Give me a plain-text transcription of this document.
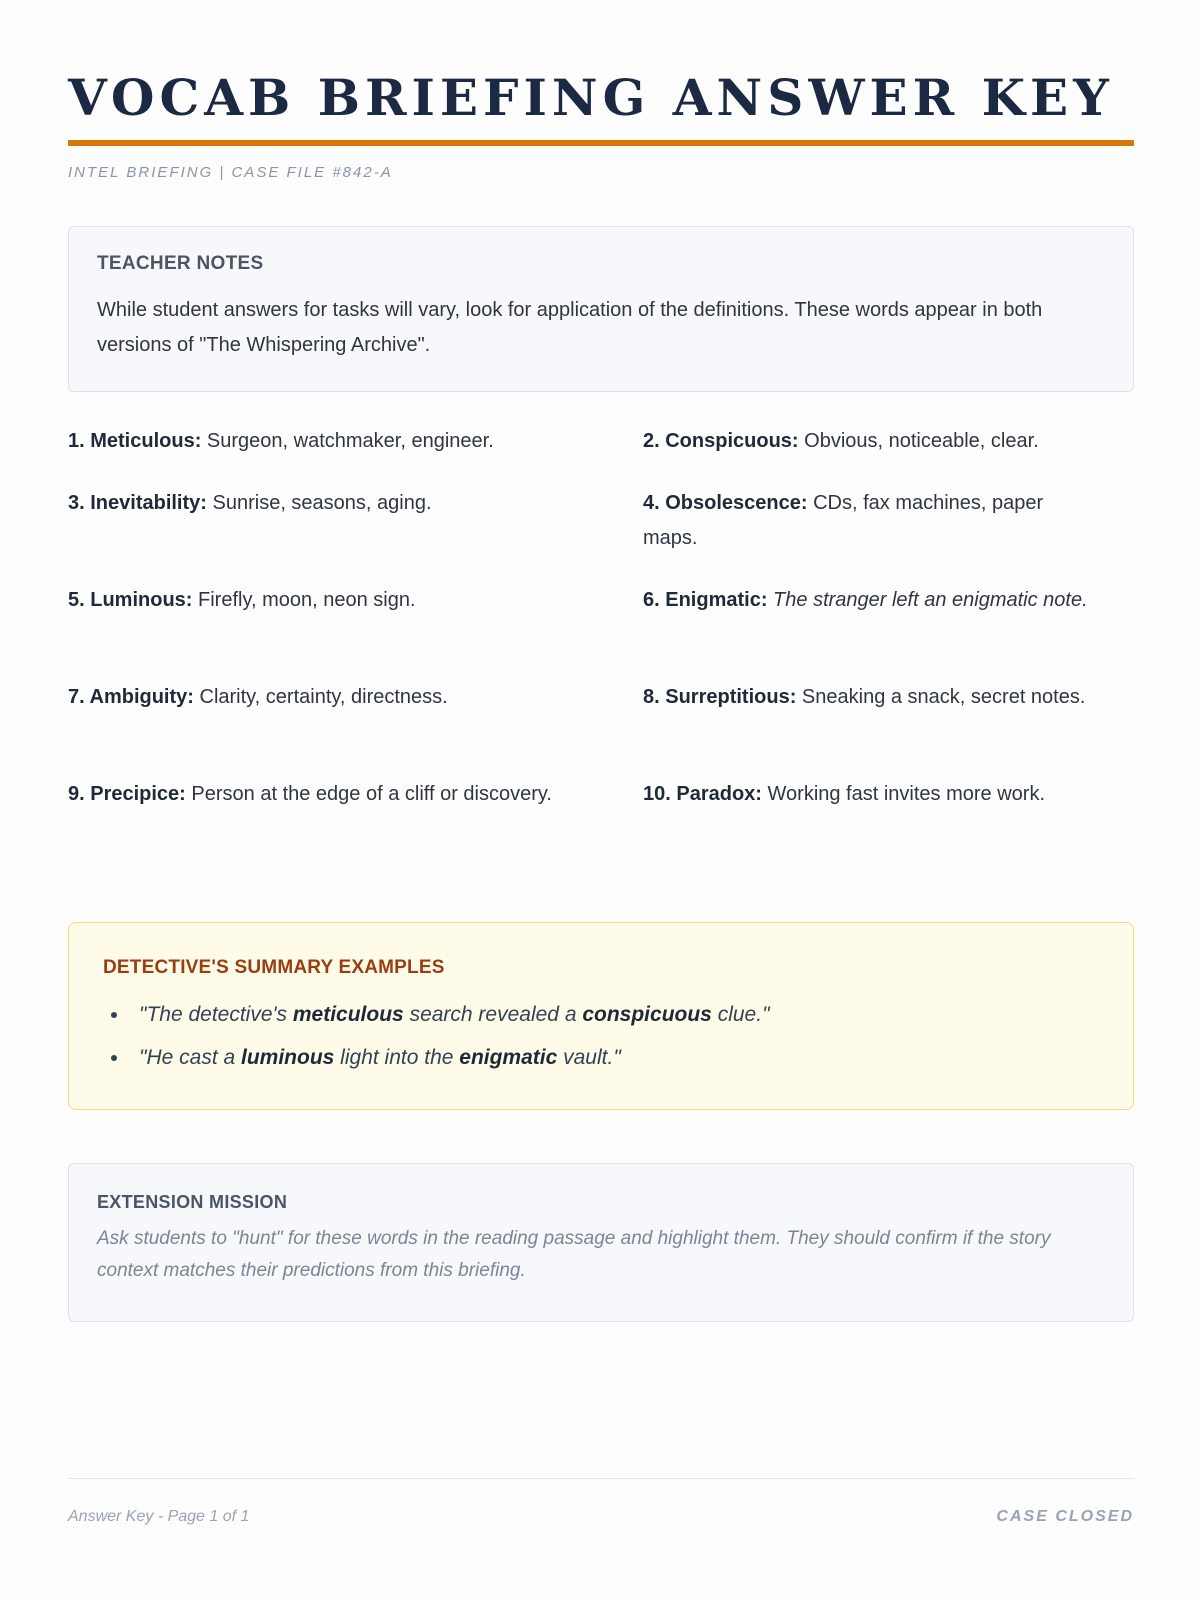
VOCAB BRIEFING ANSWER KEY
INTEL BRIEFING | CASE FILE #842-A
TEACHER NOTES

While student answers for tasks will vary, look for application of the definitions. These words appear in both versions of "The Whispering Archive".

1. Meticulous: Surgeon, watchmaker, engineer.	2. Conspicuous: Obvious, noticeable, clear.
3. Inevitability: Sunrise, seasons, aging.	4. Obsolescence: CDs, fax machines, paper maps.
5. Luminous: Firefly, moon, neon sign.	6. Enigmatic: The stranger left an enigmatic note.
7. Ambiguity: Clarity, certainty, directness.	8. Surreptitious: Sneaking a snack, secret notes.
9. Precipice: Person at the edge of a cliff or discovery.	10. Paradox: Working fast invites more work.
DETECTIVE'S SUMMARY EXAMPLES
"The detective's meticulous search revealed a conspicuous clue."
"He cast a luminous light into the enigmatic vault."
EXTENSION MISSION

Ask students to "hunt" for these words in the reading passage and highlight them. They should confirm if the story context matches their predictions from this briefing.

Answer Key - Page 1 of 1	CASE CLOSED
